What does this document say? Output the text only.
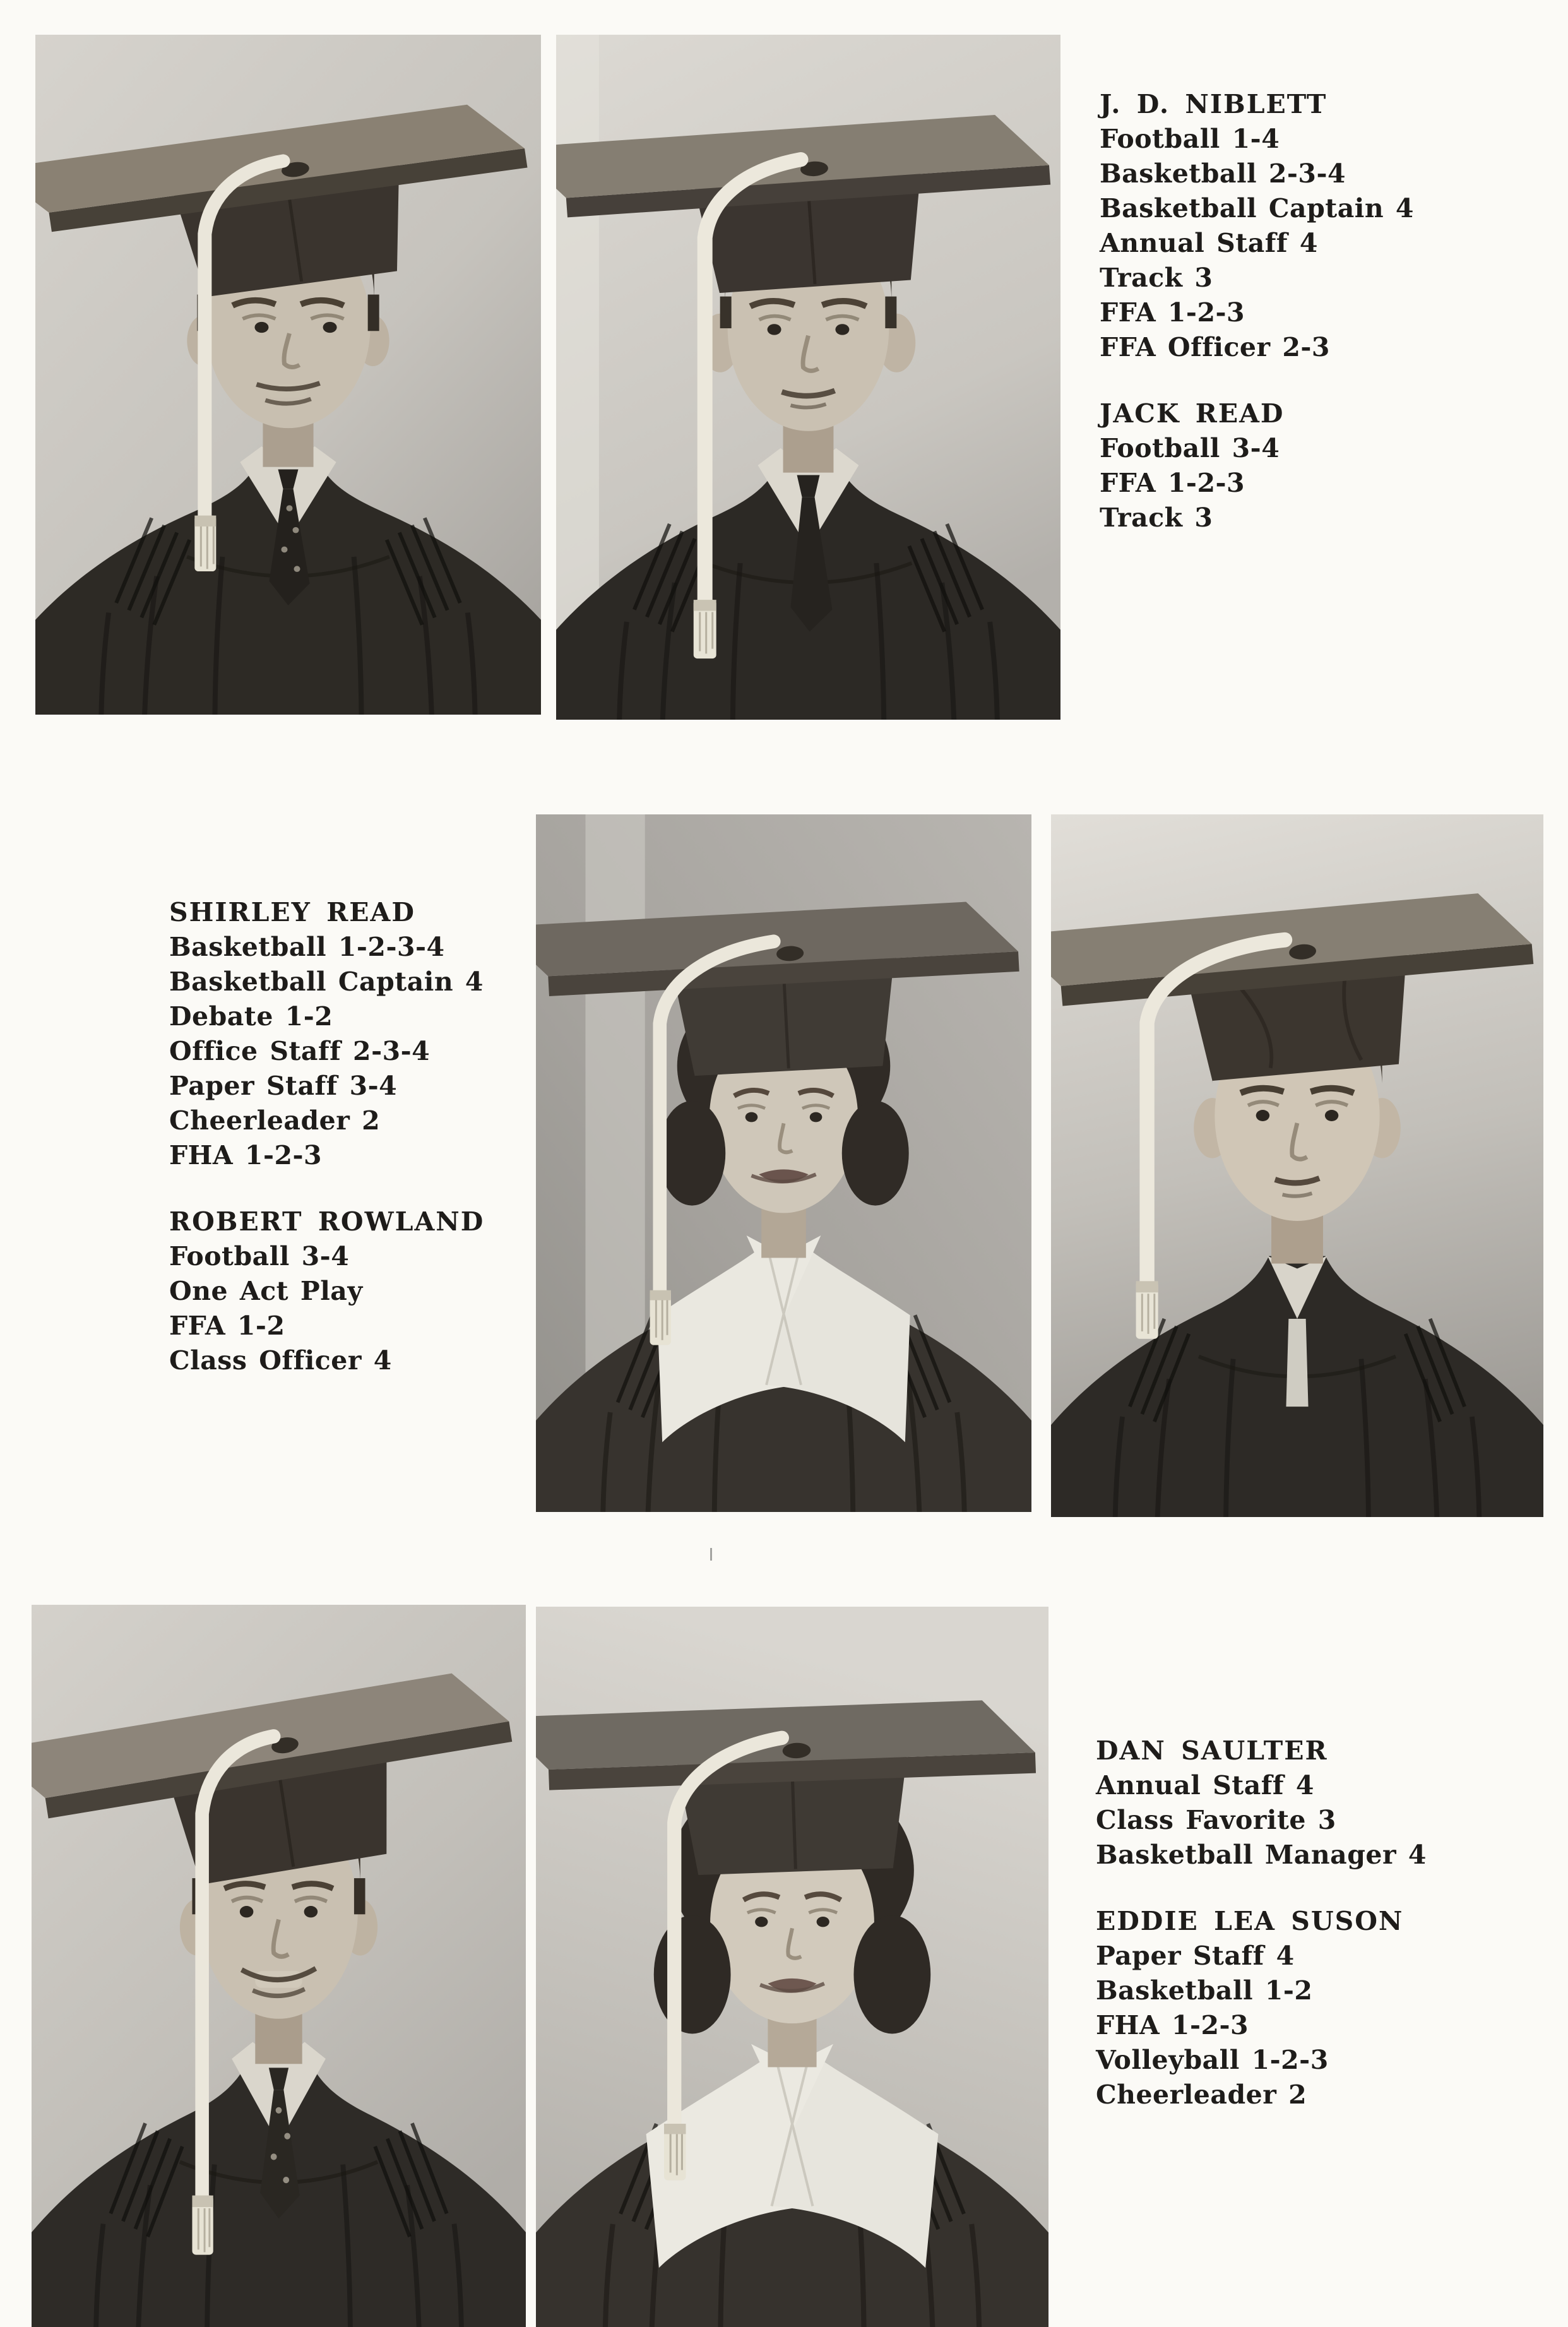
J. D. NIBLETT

Football 1-4

Basketball 2-3-4

Basketball Captain 4

Annual Staff 4

Track 3

FFA 1-2-3

FFA Officer 2-3

JACK READ

Football 3-4

FFA 1-2-3

Track 3

SHIRLEY READ

Basketball 1-2-3-4

Basketball Captain 4

Debate 1-2

Office Staff 2-3-4

Paper Staff 3-4

Cheerleader 2

FHA 1-2-3

ROBERT ROWLAND

Football 3-4

One Act Play

FFA 1-2

Class Officer 4

DAN SAULTER

Annual Staff 4

Class Favorite 3

Basketball Manager 4

EDDIE LEA SUSON

Paper Staff 4

Basketball 1-2

FHA 1-2-3

Volleyball 1-2-3

Cheerleader 2
